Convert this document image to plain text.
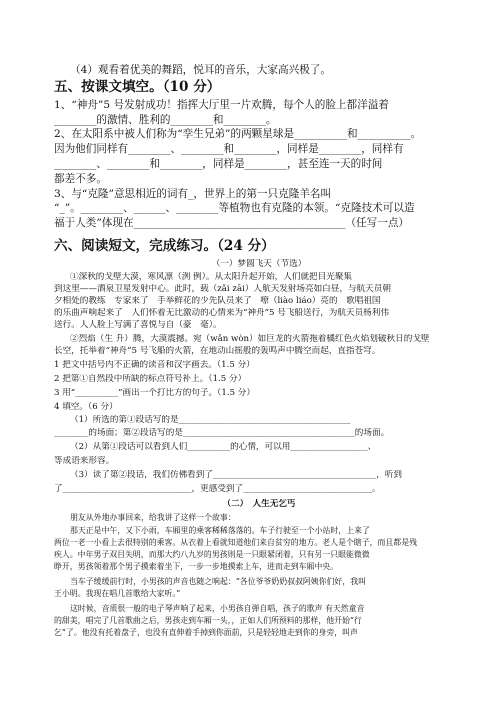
（4）观看着优美的舞蹈，悦耳的音乐，大家高兴极了。
五、按课文填空。（10 分）
1、“神舟”5 号发射成功！指挥大厅里一片欢腾，每个人的脸上都洋溢着
________的激情、胜利的________和________。
2、在太阳系中被人们称为“孪生兄弟”的两颗星球是__________和__________。
因为他们同样有________、________和________，同样是________，同样有
________、________和________，同样是________，甚至连一天的时间
都差不多。
3、与“克隆”意思相近的词有_，世界上的第一只克隆羊名叫
“_”。________、______、________等植物也有克隆的本领。“克隆技术可以造
福于人类”体现在________________________________________（任写一点）
六、阅读短文，完成练习。（24 分）
（一）梦圆飞天（节选）
①深秋的戈壁大漠，寒风凛（洌 例）。从太阳升起开始，人们就把目光聚集
到这里——酒泉卫星发射中心。此时，载（zǎi zāi）人航天发射场亮如白昼，与航天员朝
夕相处的教练　专家来了　手举鲜花的少先队员来了　嘹（liào liáo）亮的　歌唱祖国
的乐曲声响起来了　人们怀着无比激动的心情来为“神舟”5 号飞船送行，为航天员杨利伟
送行。人人脸上写满了喜悦与自（豪　毫）。
②烈焰（生 升）腾，大漠震撼。宛（wǎn wòn）如巨龙的火箭拖着橘红色火焰划破秋日的戈壁
长空，托举着“神舟”5 号飞船的火箭，在地动山摇般的轰鸣声中腾空而起，直指苍穹。
1 把文中括号内不正确的读音和汉字画去。（1.5 分）
2 把第①自然段中所缺的标点符号补上。（1.5 分）
3 用“__________”画出一个打比方的句子。（1.5 分）
4 填空。（6 分）
（1）所选的第①段话写的是________________________________________
________的场面；第②段话写的是________________________________________的场面。
（2）从第①段话可以看到人们__________的心情，可以用__________________、
等成语来形容。
（3）读了第②段话，我们仿佛看到了______________________________________，听到
了______________________________，更感受到了______________________________。
（二）　人生无乞丐
朋友从外地办事回来，给我讲了这样一个故事：
那天正是中午，又下小雨，车厢里的乘客稀稀落落的。车子行驶至一个小站时，上来了
两位一老一小看上去很特别的乘客。从衣着上看就知道他们来自贫穷的地方。老人是个瞎子，而且都是残
疾人。中年男子双目失明，而那大约八九岁的男孩则是一只眼紧闭着，只有另一只眼能微微
睁开，男孩领着那个男子摸索着坐下，一步一步地摸索上车，进而走到车厢中央。
当车子缓缓前行时，小男孩的声音也随之响起：“各位爷爷奶奶叔叔阿姨你们好，我叫
王小明。我现在唱几首歌给大家听。”
这时候，音质很一般的电子琴声响了起来，小男孩自弹自唱，孩子的歌声 有天然童音
的甜美，唱完了几首歌曲之后，男孩走到车厢一头，，正如人们所预料的那样，他开始“行
乞”了。他没有托着盘子，也没有直伸着手掉到你面前，只是轻轻地走到你的身旁，叫声
